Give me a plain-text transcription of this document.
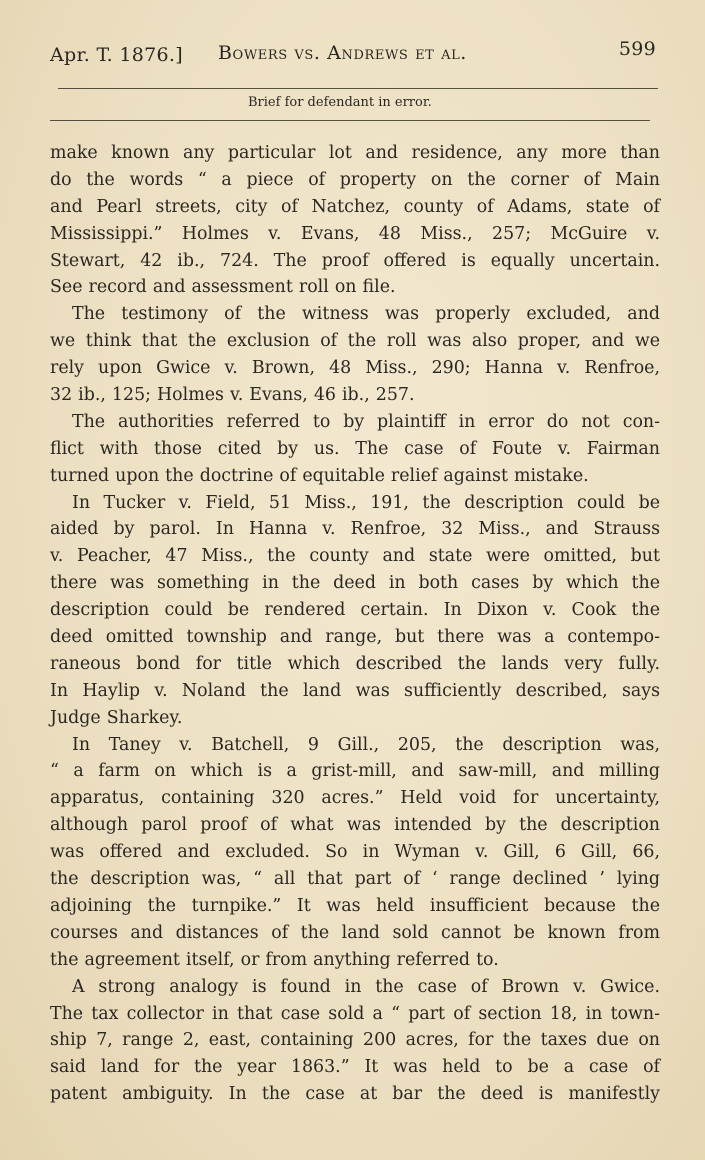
Apr. T. 1876.] Bowers vs. Andrews et al.	599
Brief for defendant in error.
make known any particular lot and residence, any more than
do the words “ a piece of property on the corner of Main
and Pearl streets, city of Natchez, county of Adams, state of
Mississippi.” Holmes v. Evans, 48 Miss., 257; McGuire v.
Stewart, 42 ib., 724. The proof offered is equally uncertain.
See record and assessment roll on file.
The testimony of the witness was properly excluded, and
we think that the exclusion of the roll was also proper, and we
rely upon Gwice v. Brown, 48 Miss., 290; Hanna v. Renfroe,
32 ib., 125; Holmes v. Evans, 46 ib., 257.
The authorities referred to by plaintiff in error do not con-
flict with those cited by us. The case of Foute v. Fairman
turned upon the doctrine of equitable relief against mistake.
In Tucker v. Field, 51 Miss., 191, the description could be
aided by parol. In Hanna v. Renfroe, 32 Miss., and Strauss
v. Peacher, 47 Miss., the county and state were omitted, but
there was something in the deed in both cases by which the
description could be rendered certain. In Dixon v. Cook the
deed omitted township and range, but there was a contempo-
raneous bond for title which described the lands very fully.
In Haylip v. Noland the land was sufficiently described, says
Judge Sharkey.
In Taney v. Batchell, 9 Gill., 205, the description was,
“ a farm on which is a grist-mill, and saw-mill, and milling
apparatus, containing 320 acres.” Held void for uncertainty,
although parol proof of what was intended by the description
was offered and excluded. So in Wyman v. Gill, 6 Gill, 66,
the description was, “ all that part of ‘ range declined ’ lying
adjoining the turnpike.” It was held insufficient because the
courses and distances of the land sold cannot be known from
the agreement itself, or from anything referred to.
A strong analogy is found in the case of Brown v. Gwice.
The tax collector in that case sold a “ part of section 18, in town-
ship 7, range 2, east, containing 200 acres, for the taxes due on
said land for the year 1863.” It was held to be a case of
patent ambiguity. In the case at bar the deed is manifestly
